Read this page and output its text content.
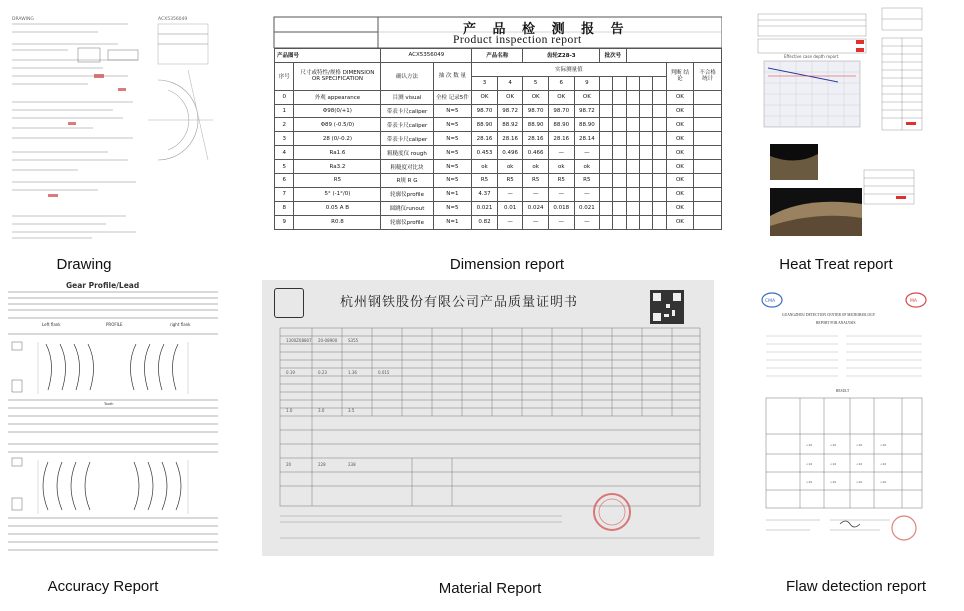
DRAWING	ACX5356049
Drawing
产 品 检 测 报 告
Product inspection report
产品图号		ACX5356049		产品名称		齿轮Z28-3			批次号						
序号	尺寸或特性/规格 DIMENSION OR SPECIFICATION	确认方法	抽 次 数 量	实际测量值										判断 结论	不合格 统计
				3	4	5	6	9							
0	外观 appearance	目测 visual	全检 记录5件	OK	OK	OK	OK	OK						OK	
1	Φ98(0/+1)	带表卡尺caliper	N=5	98.70	98.72	98.70	98.70	98.72						OK	
2	Φ89 (-0.5/0)	带表卡尺caliper	N=5	88.90	88.92	88.90	88.90	88.90						OK	
3	28 (0/-0.2)	带表卡尺caliper	N=5	28.16	28.16	28.16	28.16	28.14						OK	
4	Ra1.6	粗糙度仪 rough	N=5	0.453	0.496	0.466	—	—						OK	
5	Ra3.2	粗糙度对比块	N=5	ok	ok	ok	ok	ok						OK	
6	R5	R规 R G	N=5	R5	R5	R5	R5	R5						OK	
7	5° (-1°/0)	轮廓仪profile	N=1	4.37	—	—	—	—						OK	
8	0.05 A B	圆跳仪runout	N=5	0.021	0.01	0.024	0.018	0.021						OK	
9	R0.8	轮廓仪profile	N=1	0.82	—	—	—	—						OK	
Dimension report
Effective case depth report
Heat Treat report
Gear Profile/Lead
Left flank	PROFILE	right flank
Tooth
Accuracy Report
1300Z08807 20-08900	S355
0.19	0.23	1.36	0.015
1.0	3.0	3.5
20	228	238
杭州钢铁股份有限公司产品质量证明书
Material Report
CMA	MA
GUANGZHOU DETECTION CENTER OF MICROBIOLOGY
REPORT FOR ANALYSIS
RESULT
<10	<10	<10	<10
<10	<10	<10	<10
<10	<10	<10	<10
Flaw detection report
